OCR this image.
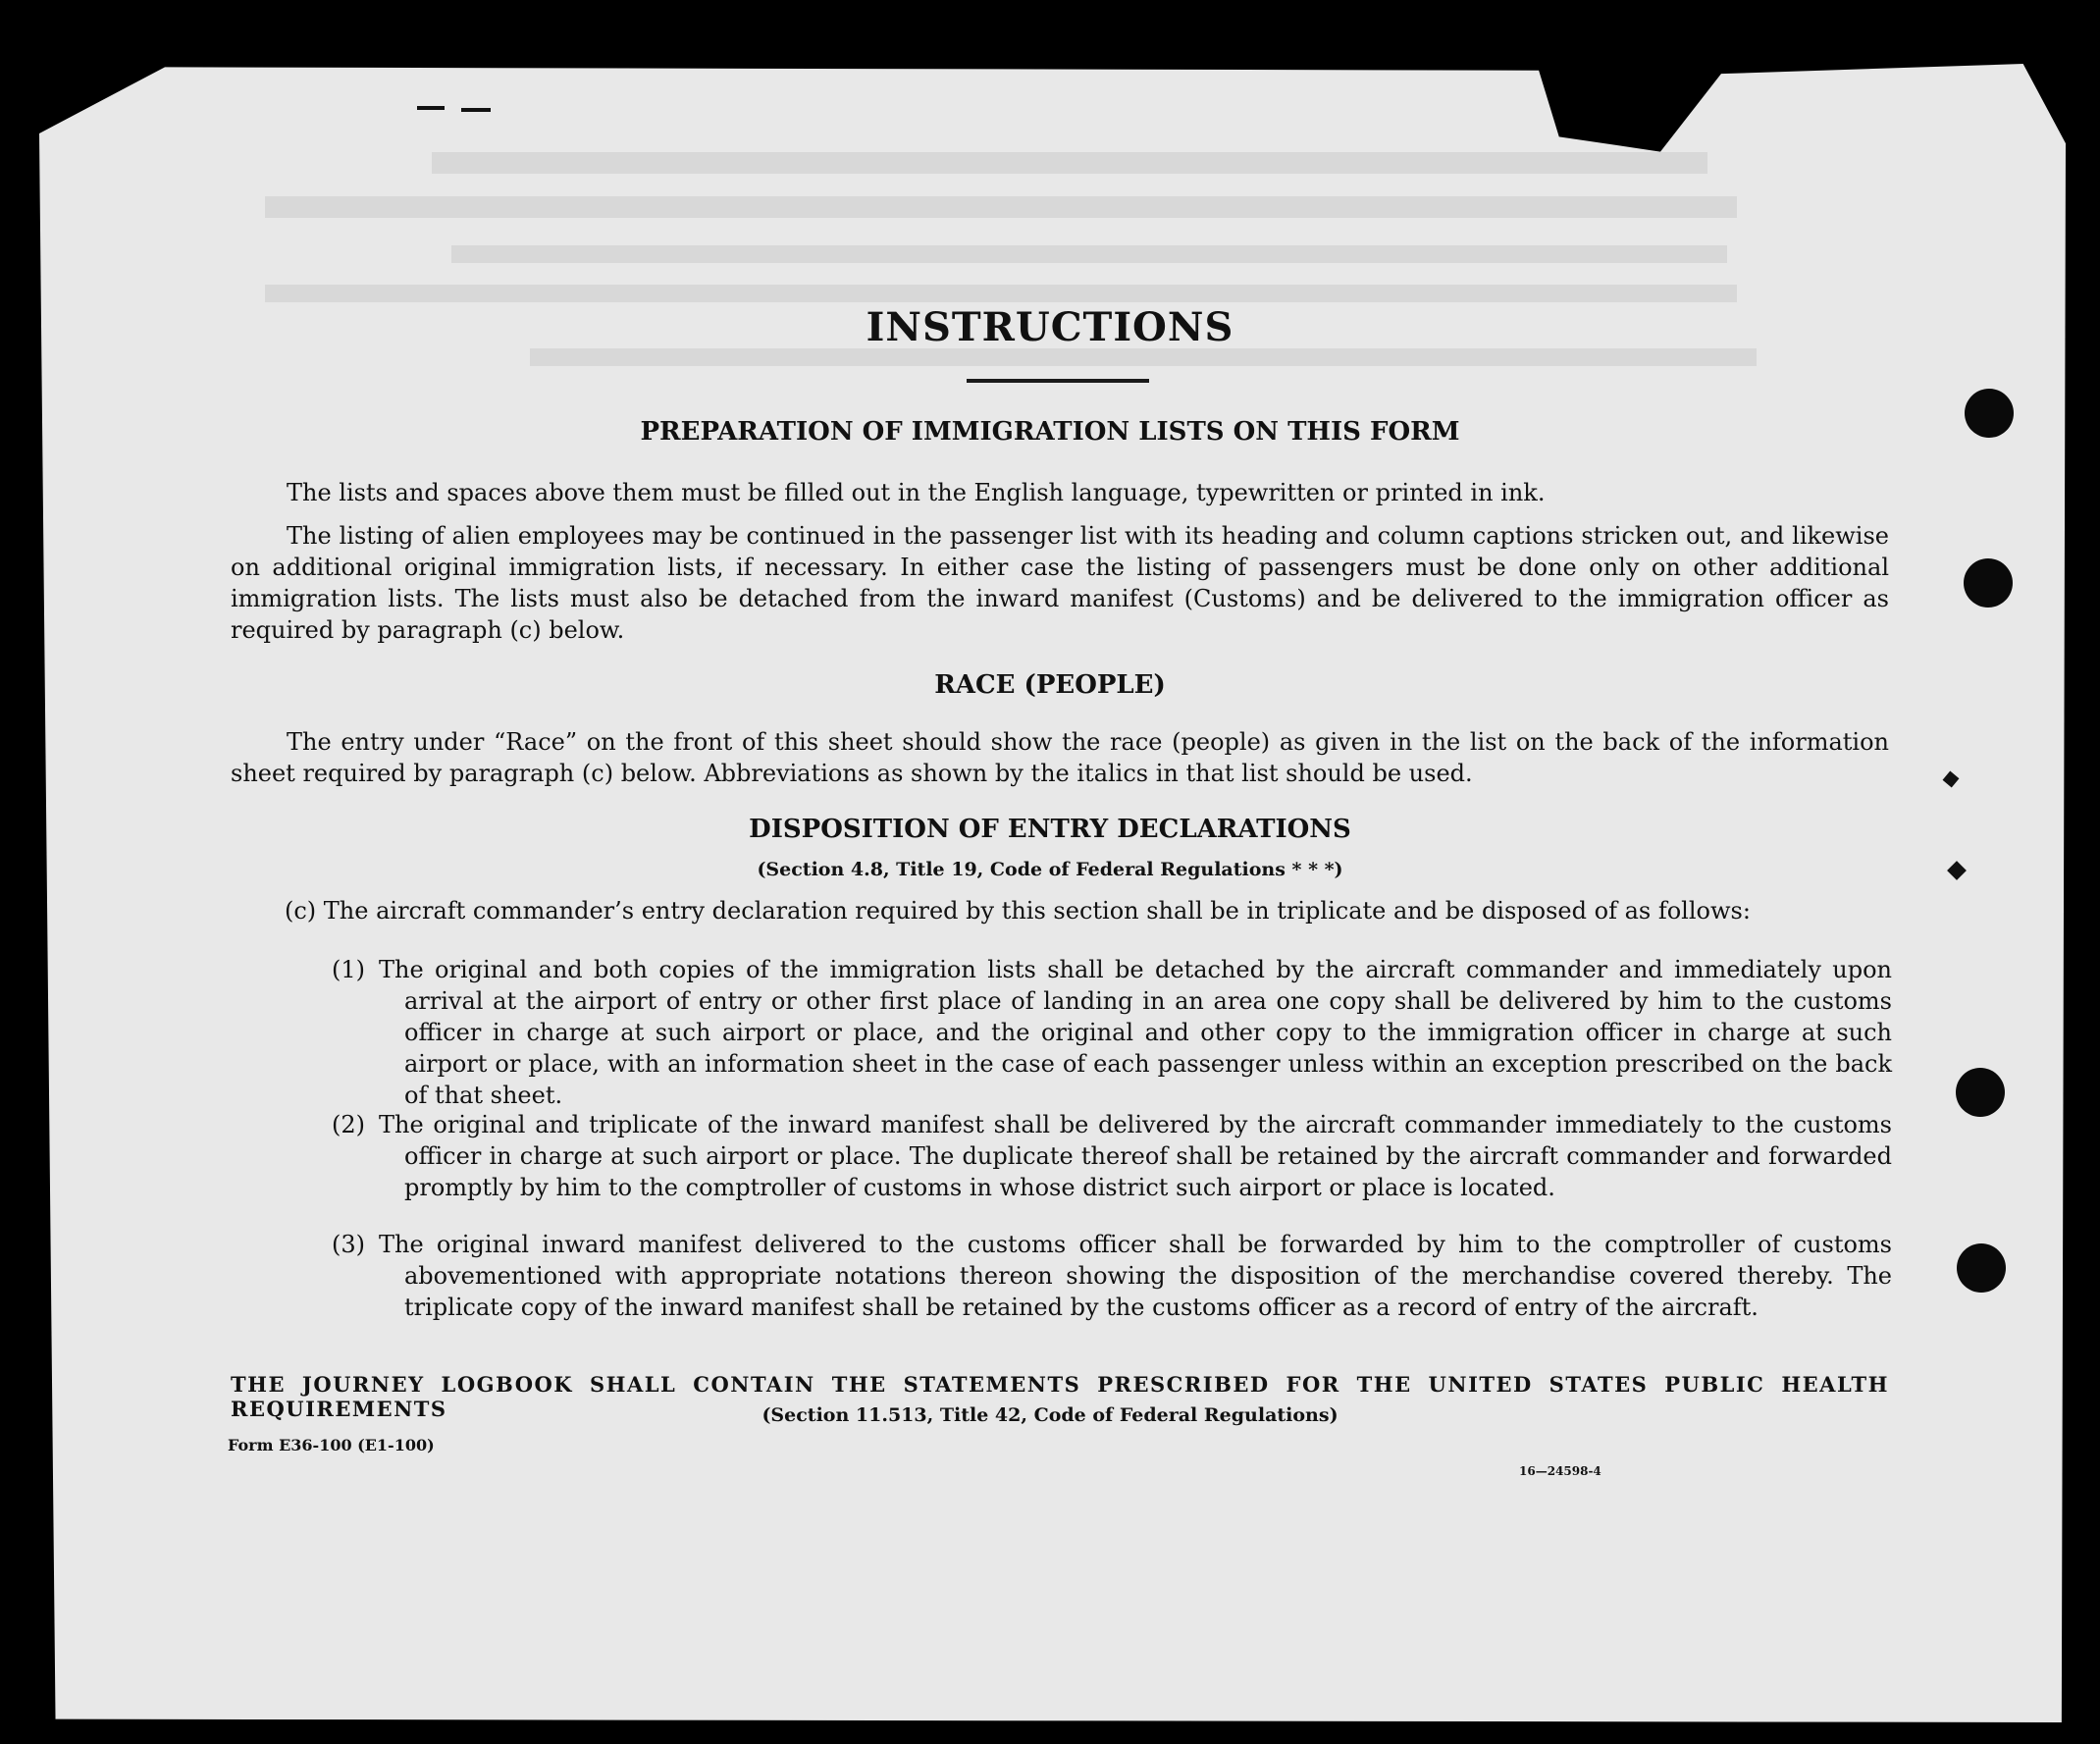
INSTRUCTIONS
PREPARATION OF IMMIGRATION LISTS ON THIS FORM
The lists and spaces above them must be filled out in the English language, typewritten or printed in ink.
The listing of alien employees may be continued in the passenger list with its heading and column captions stricken out, and likewise on additional original immigration lists, if necessary. In either case the listing of passengers must be done only on other additional immigration lists. The lists must also be detached from the inward manifest (Customs) and be delivered to the immigration officer as required by paragraph (c) below.
RACE (PEOPLE)
The entry under “Race” on the front of this sheet should show the race (people) as given in the list on the back of the information sheet required by paragraph (c) below. Abbreviations as shown by the italics in that list should be used.
DISPOSITION OF ENTRY DECLARATIONS
(Section 4.8, Title 19, Code of Federal Regulations * * *)
(c) The aircraft commander’s entry declaration required by this section shall be in triplicate and be disposed of as follows:
(1) The original and both copies of the immigration lists shall be detached by the aircraft commander and immediately upon arrival at the airport of entry or other first place of landing in an area one copy shall be delivered by him to the customs officer in charge at such airport or place, and the original and other copy to the immigration officer in charge at such airport or place, with an information sheet in the case of each passenger unless within an exception prescribed on the back of that sheet.
(2) The original and triplicate of the inward manifest shall be delivered by the aircraft commander immediately to the customs officer in charge at such airport or place. The duplicate thereof shall be retained by the aircraft commander and forwarded promptly by him to the comptroller of customs in whose district such airport or place is located.
(3) The original inward manifest delivered to the customs officer shall be forwarded by him to the comptroller of customs abovementioned with appropriate notations thereon showing the disposition of the merchandise covered thereby. The triplicate copy of the inward manifest shall be retained by the customs officer as a record of entry of the aircraft.
THE JOURNEY LOGBOOK SHALL CONTAIN THE STATEMENTS PRESCRIBED FOR THE UNITED STATES PUBLIC HEALTH REQUIREMENTS	(Section 11.513, Title 42, Code of Federal Regulations)
Form E36-100 (E1-100)
16—24598-4
